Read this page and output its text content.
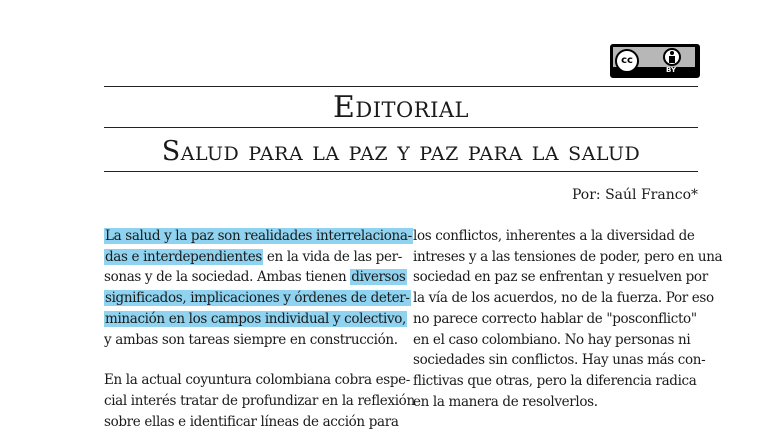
cc
BY
Editorial
Salud para la paz y paz para la salud
Por: Saúl Franco*
La salud y la paz son realidades interrelaciona-
das e interdependientes en la vida de las per-
sonas y de la sociedad. Ambas tienen diversos
significados, implicaciones y órdenes de deter-
minación en los campos individual y colectivo,
y ambas son tareas siempre en construcción.
En la actual coyuntura colombiana cobra espe-
cial interés tratar de profundizar en la reflexión
sobre ellas e identificar líneas de acción para
los conflictos, inherentes a la diversidad de
intreses y a las tensiones de poder, pero en una
sociedad en paz se enfrentan y resuelven por
la vía de los acuerdos, no de la fuerza. Por eso
no parece correcto hablar de "posconflicto"
en el caso colombiano. No hay personas ni
sociedades sin conflictos. Hay unas más con-
flictivas que otras, pero la diferencia radica
en la manera de resolverlos.
